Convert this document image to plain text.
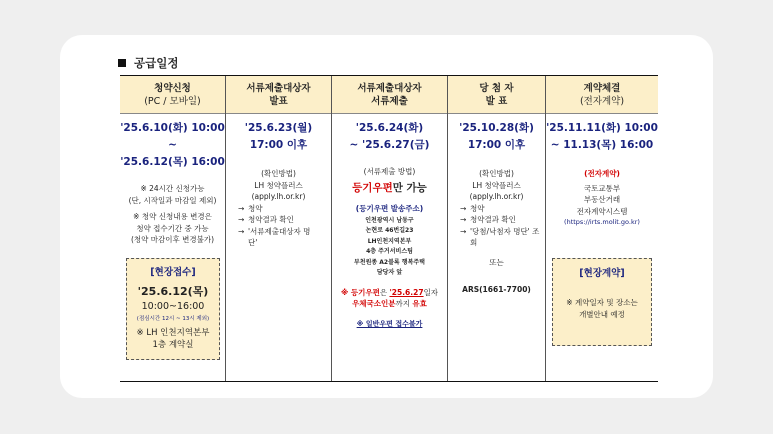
공급일정
청약신청
(PC / 모바일)
'25.6.10(화) 10:00 ~
'25.6.12(목) 16:00
※ 24시간 신청가능
(단, 시작일과 마감일 제외)
※ 청약 신청내용 변경은
청약 접수기간 중 가능
(청약 마감이후 변경불가)
[현장접수]
'25.6.12(목)
10:00~16:00
(점심시간 12시 ~ 13시 제외)
※ LH 인천지역본부
1층 계약실
서류제출대상자
발표
'25.6.23(월)
17:00 이후
(확인방법)
LH 청약플러스
(apply.lh.or.kr)
→ 청약
→ 청약결과 확인
→ '서류제출대상자 명단'
서류제출대상자
서류제출
'25.6.24(화)
~ '25.6.27(금)
(서류제출 방법)
등기우편만 가능
(등기우편 발송주소)
인천광역시 남동구
논현로 46번길23
LH인천지역본부
4층 주거서비스팀
부천원종 A2블록 행복주택
담당자 앞
※ 등기우편은 '25.6.27일자
우체국소인분까지 유효
※ 일반우편 접수불가
당 첨 자
발 표
'25.10.28(화)
17:00 이후
(확인방법)
LH 청약플러스
(apply.lh.or.kr)
→ 청약
→ 청약결과 확인
→ '당첨/낙첨자 명단' 조회
또는
ARS(1661-7700)
계약체결
(전자계약)
'25.11.11(화) 10:00
~ 11.13(목) 16:00
(전자계약)
국토교통부
부동산거래
전자계약시스템
(https://irts.molit.go.kr)
[현장계약]
※ 계약일자 및 장소는
개별안내 예정
